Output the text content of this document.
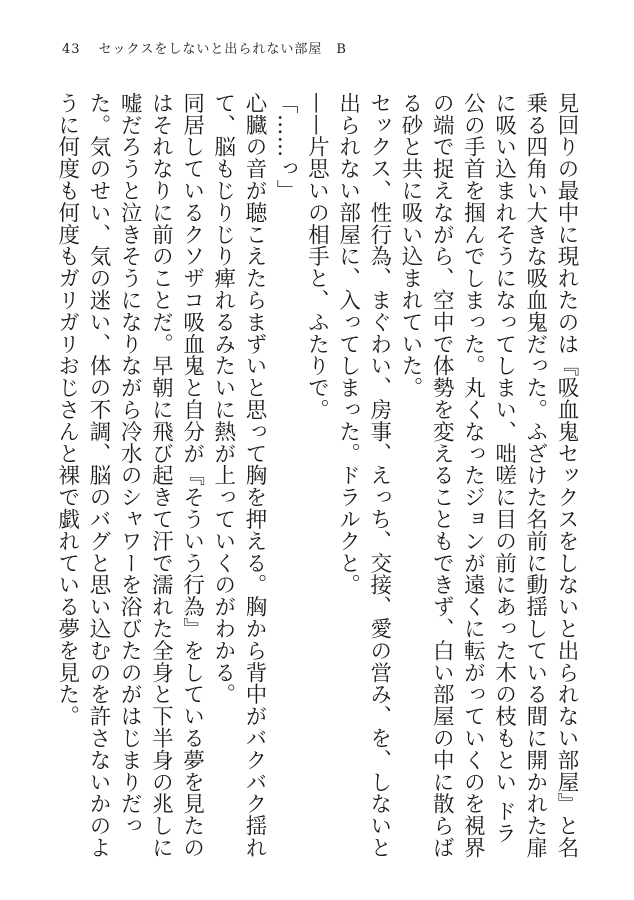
43 セックスをしないと出られない部屋　B

見回りの最中に現れたのは『吸血鬼セックスをしないと出られない部屋』と名乗る四角い大きな吸血鬼だった。ふざけた名前に動揺している間に開かれた扉に吸い込まれそうになってしまい、咄嗟に目の前にあった木の枝もとい ドラ公の手首を掴んでしまった。丸くなったジョンが遠くに転がっていくのを視界の端で捉えながら、空中で体勢を変えることもできず、白い部屋の中に散らばる砂と共に吸い込まれていた。

セックス、性行為、まぐわい、房事、えっち、交接、愛の営み、を、しないと出られない部屋に、入ってしまった。ドラルクと。

——片思いの相手と、ふたりで。

「……っ」

心臓の音が聴こえたらまずいと思って胸を押える。胸から背中がバクバク揺れて、脳もじりじり痺れるみたいに熱が上っていくのがわかる。

同居しているクソザコ吸血鬼と自分が『そういう行為』をしている夢を見たのはそれなりに前のことだ。早朝に飛び起きて汗で濡れた全身と下半身の兆しに嘘だろうと泣きそうになりながら冷水のシャワーを浴びたのがはじまりだった。気のせい、気の迷い、体の不調、脳のバグと思い込むのを許さないかのように何度も何度もガリガリおじさんと裸で戯れている夢を見た。
